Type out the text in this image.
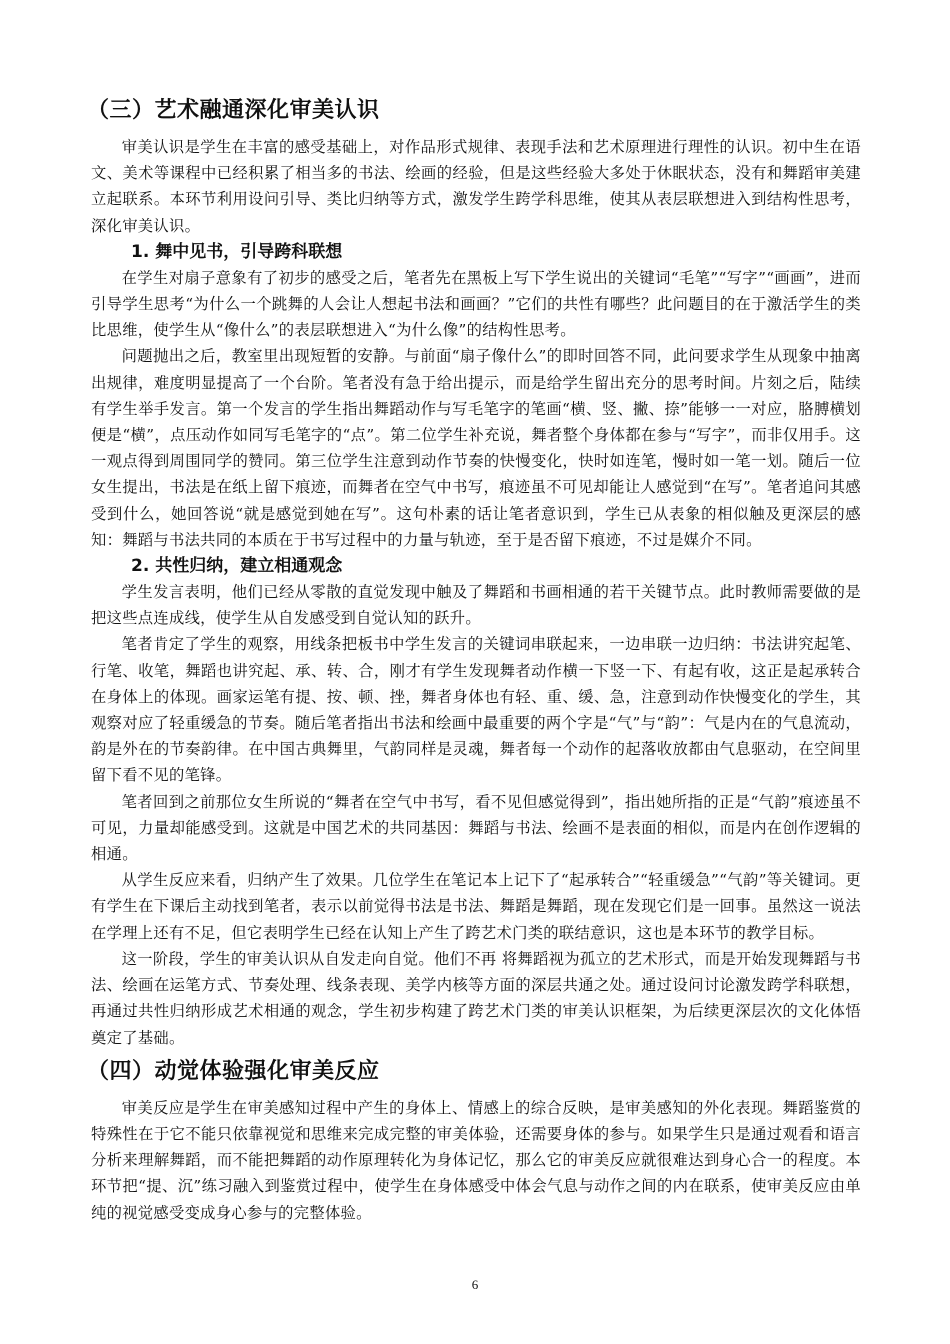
（三）艺术融通深化审美认识

审美认识是学生在丰富的感受基础上，对作品形式规律、表现手法和艺术原理进行理性的认识。初中生在语文、美术等课程中已经积累了相当多的书法、绘画的经验，但是这些经验大多处于休眠状态，没有和舞蹈审美建立起联系。本环节利用设问引导、类比归纳等方式，激发学生跨学科思维，使其从表层联想进入到结构性思考，深化审美认识。

1. 舞中见书，引导跨科联想

在学生对扇子意象有了初步的感受之后，笔者先在黑板上写下学生说出的关键词“毛笔”“写字”“画画”，进而引导学生思考“为什么一个跳舞的人会让人想起书法和画画？”它们的共性有哪些？此问题目的在于激活学生的类比思维，使学生从“像什么”的表层联想进入“为什么像”的结构性思考。

问题抛出之后，教室里出现短暂的安静。与前面“扇子像什么”的即时回答不同，此问要求学生从现象中抽离出规律，难度明显提高了一个台阶。笔者没有急于给出提示，而是给学生留出充分的思考时间。片刻之后，陆续有学生举手发言。第一个发言的学生指出舞蹈动作与写毛笔字的笔画“横、竖、撇、捺”能够一一对应，胳膊横划便是“横”，点压动作如同写毛笔字的“点”。第二位学生补充说，舞者整个身体都在参与“写字”，而非仅用手。这一观点得到周围同学的赞同。第三位学生注意到动作节奏的快慢变化，快时如连笔，慢时如一笔一划。随后一位女生提出，书法是在纸上留下痕迹，而舞者在空气中书写，痕迹虽不可见却能让人感觉到“在写”。笔者追问其感受到什么，她回答说“就是感觉到她在写”。这句朴素的话让笔者意识到，学生已从表象的相似触及更深层的感知：舞蹈与书法共同的本质在于书写过程中的力量与轨迹，至于是否留下痕迹，不过是媒介不同。

2. 共性归纳，建立相通观念

学生发言表明，他们已经从零散的直觉发现中触及了舞蹈和书画相通的若干关键节点。此时教师需要做的是把这些点连成线，使学生从自发感受到自觉认知的跃升。

笔者肯定了学生的观察，用线条把板书中学生发言的关键词串联起来，一边串联一边归纳：书法讲究起笔、行笔、收笔，舞蹈也讲究起、承、转、合，刚才有学生发现舞者动作横一下竖一下、有起有收，这正是起承转合在身体上的体现。画家运笔有提、按、顿、挫，舞者身体也有轻、重、缓、急，注意到动作快慢变化的学生，其观察对应了轻重缓急的节奏。随后笔者指出书法和绘画中最重要的两个字是“气”与“韵”：气是内在的气息流动，韵是外在的节奏韵律。在中国古典舞里，气韵同样是灵魂，舞者每一个动作的起落收放都由气息驱动，在空间里留下看不见的笔锋。

笔者回到之前那位女生所说的“舞者在空气中书写，看不见但感觉得到”，指出她所指的正是“气韵”痕迹虽不可见，力量却能感受到。这就是中国艺术的共同基因：舞蹈与书法、绘画不是表面的相似，而是内在创作逻辑的相通。

从学生反应来看，归纳产生了效果。几位学生在笔记本上记下了“起承转合”“轻重缓急”“气韵”等关键词。更有学生在下课后主动找到笔者，表示以前觉得书法是书法、舞蹈是舞蹈，现在发现它们是一回事。虽然这一说法在学理上还有不足，但它表明学生已经在认知上产生了跨艺术门类的联结意识，这也是本环节的教学目标。

这一阶段，学生的审美认识从自发走向自觉。他们不再 将舞蹈视为孤立的艺术形式，而是开始发现舞蹈与书法、绘画在运笔方式、节奏处理、线条表现、美学内核等方面的深层共通之处。通过设问讨论激发跨学科联想，再通过共性归纳形成艺术相通的观念，学生初步构建了跨艺术门类的审美认识框架，为后续更深层次的文化体悟奠定了基础。

（四）动觉体验强化审美反应

审美反应是学生在审美感知过程中产生的身体上、情感上的综合反映，是审美感知的外化表现。舞蹈鉴赏的特殊性在于它不能只依靠视觉和思维来完成完整的审美体验，还需要身体的参与。如果学生只是通过观看和语言分析来理解舞蹈，而不能把舞蹈的动作原理转化为身体记忆，那么它的审美反应就很难达到身心合一的程度。本环节把“提、沉”练习融入到鉴赏过程中，使学生在身体感受中体会气息与动作之间的内在联系，使审美反应由单纯的视觉感受变成身心参与的完整体验。

6
